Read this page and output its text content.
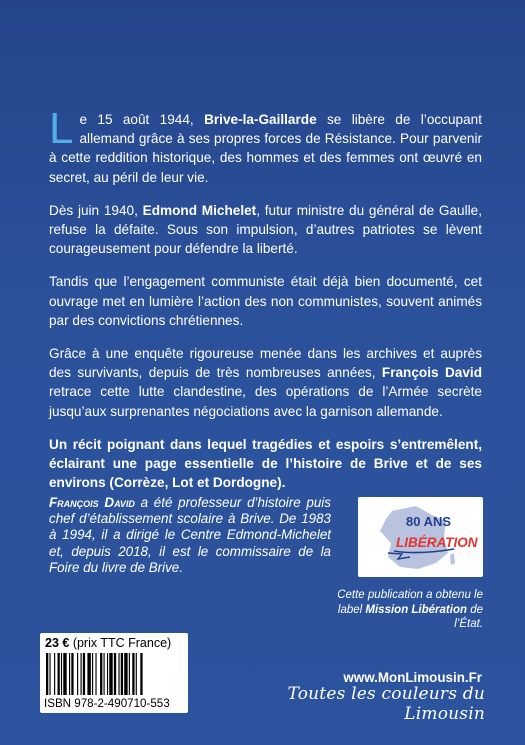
Le 15 août 1944, Brive-la-Gaillarde se libère de l’occupant allemand grâce à ses propres forces de Résistance. Pour parvenir à cette reddition historique, des hommes et des femmes ont œuvré en secret, au péril de leur vie.

Dès juin 1940, Edmond Michelet, futur ministre du général de Gaulle, refuse la défaite. Sous son impulsion, d’autres patriotes se lèvent courageusement pour défendre la liberté.

Tandis que l’engagement communiste était déjà bien documenté, cet ouvrage met en lumière l’action des non communistes, souvent animés par des convictions chrétiennes.

Grâce à une enquête rigoureuse menée dans les archives et auprès des survivants, depuis de très nombreuses années, François David retrace cette lutte clandestine, des opérations de l’Armée secrète jusqu’aux surprenantes négociations avec la garnison allemande.

Un récit poignant dans lequel tragédies et espoirs s’entremêlent, éclairant une page essentielle de l’histoire de Brive et de ses environs (Corrèze, Lot et Dordogne).

François David a été professeur d’histoire puis chef d’établissement scolaire à Brive. De 1983 à 1994, il a dirigé le Centre Edmond-Michelet et, depuis 2018, il est le commissaire de la Foire du livre de Brive.

80 ANS
LIBÉRATION

Cette publication a obtenu le label Mission Libération de l’État.

23 € (prix TTC France)
ISBN 978-2-490710-553
www.MonLimousin.Fr
Toutes les couleurs du Limousin
